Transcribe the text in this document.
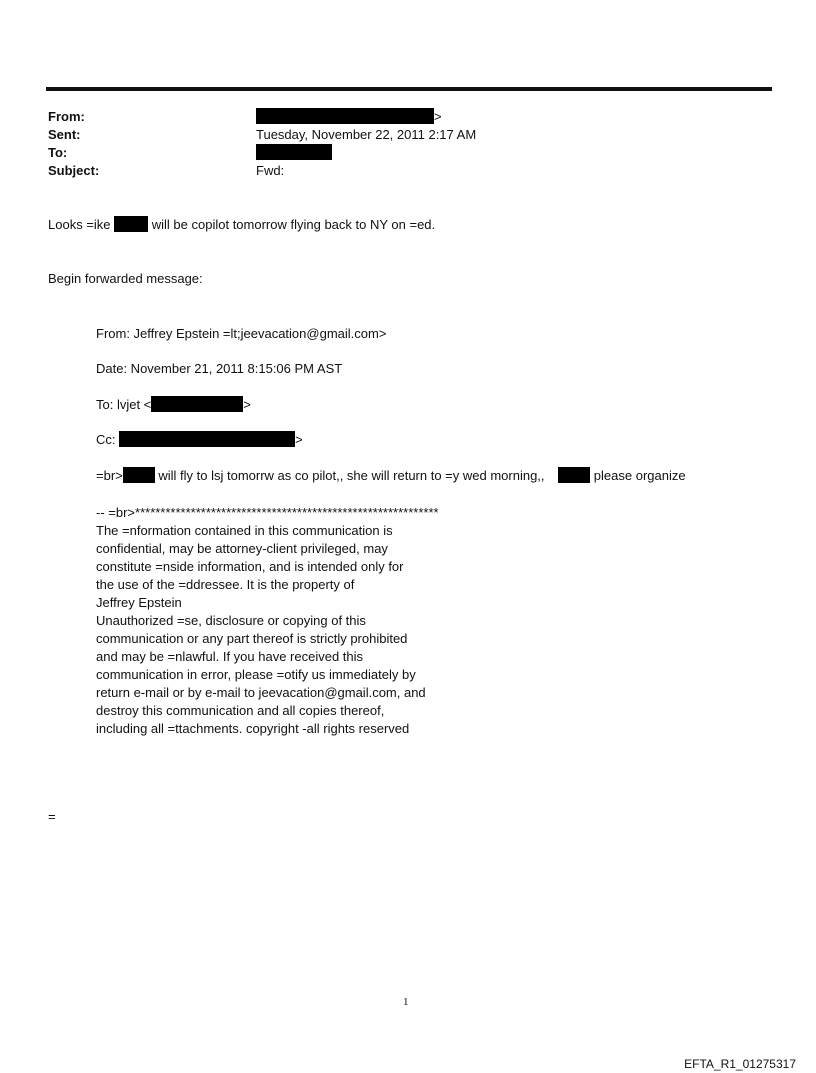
From:	>
Sent:	Tuesday, November 22, 2011 2:17 AM
To:
Subject:	Fwd:
Looks =ike	will be copilot tomorrow flying back to NY on =ed.
Begin forwarded message:
From: Jeffrey Epstein =lt;jeevacation@gmail.com>
Date: November 21, 2011 8:15:06 PM AST
To: lvjet <	>
Cc:	>
=br>	will fly to lsj tomorrw as co pilot,, she will return to =y wed morning,,	please organize
-- =br>************************************************************
The =nformation contained in this communication is
confidential, may be attorney-client privileged, may
constitute =nside information, and is intended only for
the use of the =ddressee. It is the property of
Jeffrey Epstein
Unauthorized =se, disclosure or copying of this
communication or any part thereof is strictly prohibited
and may be =nlawful. If you have received this
communication in error, please =otify us immediately by
return e-mail or by e-mail to jeevacation@gmail.com, and
destroy this communication and all copies thereof,
including all =ttachments. copyright -all rights reserved
=
1
EFTA_R1_01275317
